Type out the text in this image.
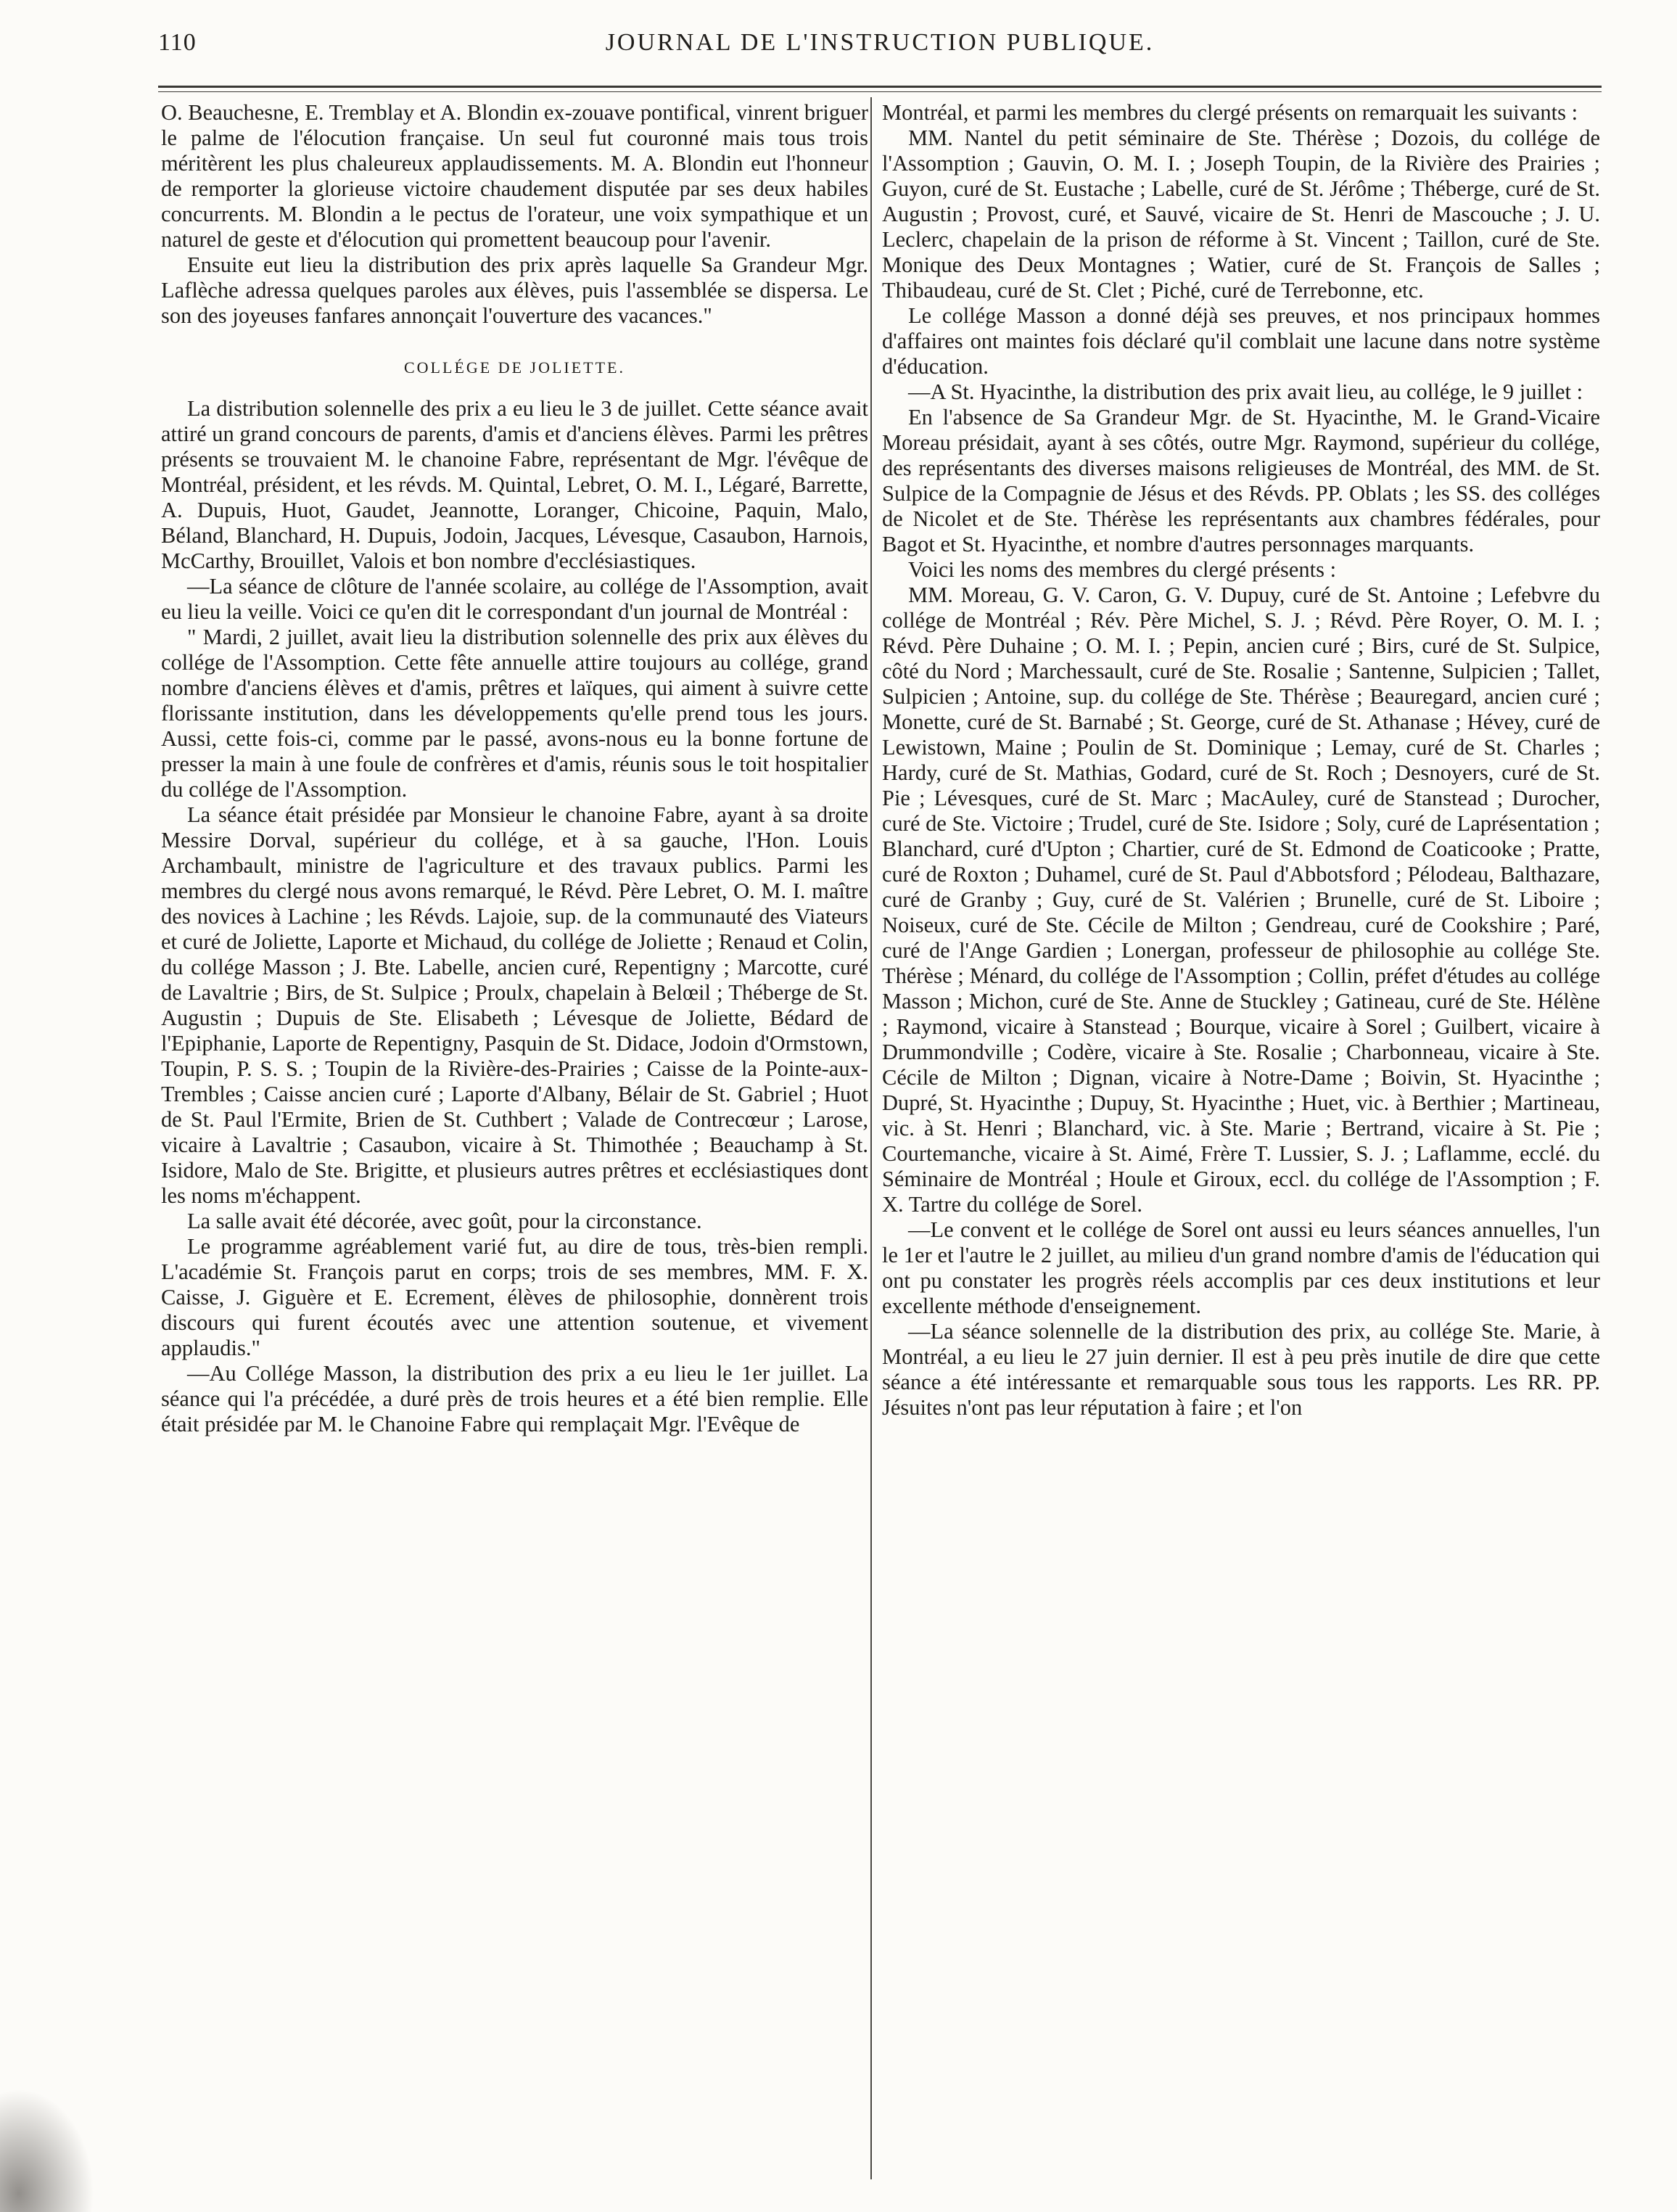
110	JOURNAL DE L'INSTRUCTION PUBLIQUE.

O. Beauchesne, E. Tremblay et A. Blondin ex-zouave pontifical, vinrent briguer le palme de l'élocution française. Un seul fut couronné mais tous trois méritèrent les plus chaleureux applaudissements. M. A. Blondin eut l'honneur de remporter la glorieuse victoire chaudement disputée par ses deux habiles concurrents. M. Blondin a le pectus de l'orateur, une voix sympathique et un naturel de geste et d'élocution qui promettent beaucoup pour l'avenir.

Ensuite eut lieu la distribution des prix après laquelle Sa Grandeur Mgr. Laflèche adressa quelques paroles aux élèves, puis l'assemblée se dispersa. Le son des joyeuses fanfares annonçait l'ouverture des vacances."

COLLÉGE DE JOLIETTE.

La distribution solennelle des prix a eu lieu le 3 de juillet. Cette séance avait attiré un grand concours de parents, d'amis et d'anciens élèves. Parmi les prêtres présents se trouvaient M. le chanoine Fabre, représentant de Mgr. l'évêque de Montréal, président, et les révds. M. Quintal, Lebret, O. M. I., Légaré, Barrette, A. Dupuis, Huot, Gaudet, Jeannotte, Loranger, Chicoine, Paquin, Malo, Béland, Blanchard, H. Dupuis, Jodoin, Jacques, Lévesque, Casaubon, Harnois, McCarthy, Brouillet, Valois et bon nombre d'ecclésiastiques.

—La séance de clôture de l'année scolaire, au collége de l'Assomption, avait eu lieu la veille. Voici ce qu'en dit le correspondant d'un journal de Montréal :

" Mardi, 2 juillet, avait lieu la distribution solennelle des prix aux élèves du collége de l'Assomption. Cette fête annuelle attire toujours au collége, grand nombre d'anciens élèves et d'amis, prêtres et laïques, qui aiment à suivre cette florissante institution, dans les développements qu'elle prend tous les jours. Aussi, cette fois-ci, comme par le passé, avons-nous eu la bonne fortune de presser la main à une foule de confrères et d'amis, réunis sous le toit hospitalier du collége de l'Assomption.

La séance était présidée par Monsieur le chanoine Fabre, ayant à sa droite Messire Dorval, supérieur du collége, et à sa gauche, l'Hon. Louis Archambault, ministre de l'agriculture et des travaux publics. Parmi les membres du clergé nous avons remarqué, le Révd. Père Lebret, O. M. I. maître des novices à Lachine ; les Révds. Lajoie, sup. de la communauté des Viateurs et curé de Joliette, Laporte et Michaud, du collége de Joliette ; Renaud et Colin, du collége Masson ; J. Bte. Labelle, ancien curé, Repentigny ; Marcotte, curé de Lavaltrie ; Birs, de St. Sulpice ; Proulx, chapelain à Belœil ; Théberge de St. Augustin ; Dupuis de Ste. Elisabeth ; Lévesque de Joliette, Bédard de l'Epiphanie, Laporte de Repentigny, Pasquin de St. Didace, Jodoin d'Ormstown, Toupin, P. S. S. ; Toupin de la Rivière-des-Prairies ; Caisse de la Pointe-aux-Trembles ; Caisse ancien curé ; Laporte d'Albany, Bélair de St. Gabriel ; Huot de St. Paul l'Ermite, Brien de St. Cuthbert ; Valade de Contrecœur ; Larose, vicaire à Lavaltrie ; Casaubon, vicaire à St. Thimothée ; Beauchamp à St. Isidore, Malo de Ste. Brigitte, et plusieurs autres prêtres et ecclésiastiques dont les noms m'échappent.

La salle avait été décorée, avec goût, pour la circonstance.

Le programme agréablement varié fut, au dire de tous, très-bien rempli. L'académie St. François parut en corps; trois de ses membres, MM. F. X. Caisse, J. Giguère et E. Ecrement, élèves de philosophie, donnèrent trois discours qui furent écoutés avec une attention soutenue, et vivement applaudis."

—Au Collége Masson, la distribution des prix a eu lieu le 1er juillet. La séance qui l'a précédée, a duré près de trois heures et a été bien remplie. Elle était présidée par M. le Chanoine Fabre qui remplaçait Mgr. l'Evêque de

Montréal, et parmi les membres du clergé présents on remarquait les suivants :

MM. Nantel du petit séminaire de Ste. Thérèse ; Dozois, du collége de l'Assomption ; Gauvin, O. M. I. ; Joseph Toupin, de la Rivière des Prairies ; Guyon, curé de St. Eustache ; Labelle, curé de St. Jérôme ; Théberge, curé de St. Augustin ; Provost, curé, et Sauvé, vicaire de St. Henri de Mascouche ; J. U. Leclerc, chapelain de la prison de réforme à St. Vincent ; Taillon, curé de Ste. Monique des Deux Montagnes ; Watier, curé de St. François de Salles ; Thibaudeau, curé de St. Clet ; Piché, curé de Terrebonne, etc.

Le collége Masson a donné déjà ses preuves, et nos principaux hommes d'affaires ont maintes fois déclaré qu'il comblait une lacune dans notre système d'éducation.

—A St. Hyacinthe, la distribution des prix avait lieu, au collége, le 9 juillet :

En l'absence de Sa Grandeur Mgr. de St. Hyacinthe, M. le Grand-Vicaire Moreau présidait, ayant à ses côtés, outre Mgr. Raymond, supérieur du collége, des représentants des diverses maisons religieuses de Montréal, des MM. de St. Sulpice de la Compagnie de Jésus et des Révds. PP. Oblats ; les SS. des colléges de Nicolet et de Ste. Thérèse les représentants aux chambres fédérales, pour Bagot et St. Hyacinthe, et nombre d'autres personnages marquants.

Voici les noms des membres du clergé présents :

MM. Moreau, G. V. Caron, G. V. Dupuy, curé de St. Antoine ; Lefebvre du collége de Montréal ; Rév. Père Michel, S. J. ; Révd. Père Royer, O. M. I. ; Révd. Père Duhaine ; O. M. I. ; Pepin, ancien curé ; Birs, curé de St. Sulpice, côté du Nord ; Marchessault, curé de Ste. Rosalie ; Santenne, Sulpicien ; Tallet, Sulpicien ; Antoine, sup. du collége de Ste. Thérèse ; Beauregard, ancien curé ; Monette, curé de St. Barnabé ; St. George, curé de St. Athanase ; Hévey, curé de Lewistown, Maine ; Poulin de St. Dominique ; Lemay, curé de St. Charles ; Hardy, curé de St. Mathias, Godard, curé de St. Roch ; Desnoyers, curé de St. Pie ; Lévesques, curé de St. Marc ; MacAuley, curé de Stanstead ; Durocher, curé de Ste. Victoire ; Trudel, curé de Ste. Isidore ; Soly, curé de Laprésentation ; Blanchard, curé d'Upton ; Chartier, curé de St. Edmond de Coaticooke ; Pratte, curé de Roxton ; Duhamel, curé de St. Paul d'Abbotsford ; Pélodeau, Balthazare, curé de Granby ; Guy, curé de St. Valérien ; Brunelle, curé de St. Liboire ; Noiseux, curé de Ste. Cécile de Milton ; Gendreau, curé de Cookshire ; Paré, curé de l'Ange Gardien ; Lonergan, professeur de philosophie au collége Ste. Thérèse ; Ménard, du collége de l'Assomption ; Collin, préfet d'études au collége Masson ; Michon, curé de Ste. Anne de Stuckley ; Gatineau, curé de Ste. Hélène ; Raymond, vicaire à Stanstead ; Bourque, vicaire à Sorel ; Guilbert, vicaire à Drummondville ; Codère, vicaire à Ste. Rosalie ; Charbonneau, vicaire à Ste. Cécile de Milton ; Dignan, vicaire à Notre-Dame ; Boivin, St. Hyacinthe ; Dupré, St. Hyacinthe ; Dupuy, St. Hyacinthe ; Huet, vic. à Berthier ; Martineau, vic. à St. Henri ; Blanchard, vic. à Ste. Marie ; Bertrand, vicaire à St. Pie ; Courtemanche, vicaire à St. Aimé, Frère T. Lussier, S. J. ; Laflamme, ecclé. du Séminaire de Montréal ; Houle et Giroux, eccl. du collége de l'Assomption ; F. X. Tartre du collége de Sorel.

—Le convent et le collége de Sorel ont aussi eu leurs séances annuelles, l'un le 1er et l'autre le 2 juillet, au milieu d'un grand nombre d'amis de l'éducation qui ont pu constater les progrès réels accomplis par ces deux institutions et leur excellente méthode d'enseignement.

—La séance solennelle de la distribution des prix, au collége Ste. Marie, à Montréal, a eu lieu le 27 juin dernier. Il est à peu près inutile de dire que cette séance a été intéressante et remarquable sous tous les rapports. Les RR. PP. Jésuites n'ont pas leur réputation à faire ; et l'on
